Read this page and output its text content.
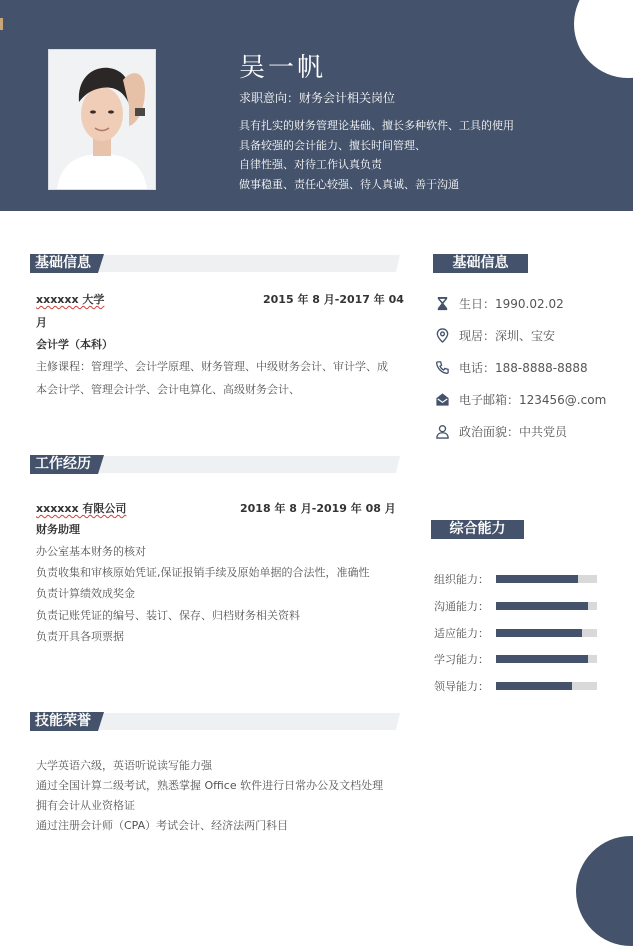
吴一帆
求职意向：财务会计相关岗位
具有扎实的财务管理论基础、擅长多种软件、工具的使用
具备较强的会计能力、擅长时间管理、
自律性强、对待工作认真负责
做事稳重、责任心较强、待人真诚、善于沟通
基础信息
xxxxxx 大学	2015 年 8 月-2017 年 04
月
会计学（本科）
主修课程：管理学、会计学原理、财务管理、中级财务会计、审计学、成
本会计学、管理会计学、会计电算化、高级财务会计、
工作经历
xxxxxx 有限公司	2018 年 8 月-2019 年 08 月
财务助理
办公室基本财务的核对
负责收集和审核原始凭证,保证报销手续及原始单据的合法性，准确性
负责计算绩效成奖金
负责记账凭证的编号、装订、保存、归档财务相关资料
负责开具各项票据
技能荣誉
大学英语六级，英语听说读写能力强
通过全国计算二级考试，熟悉掌握 Office 软件进行日常办公及文档处理
拥有会计从业资格证
通过注册会计师（CPA）考试会计、经济法两门科目
基础信息
生日：1990.02.02
现居：深圳、宝安
电话：188-8888-8888
电子邮箱：123456@.com
政治面貌：中共党员
综合能力
组织能力：
沟通能力：
适应能力：
学习能力：
领导能力：
